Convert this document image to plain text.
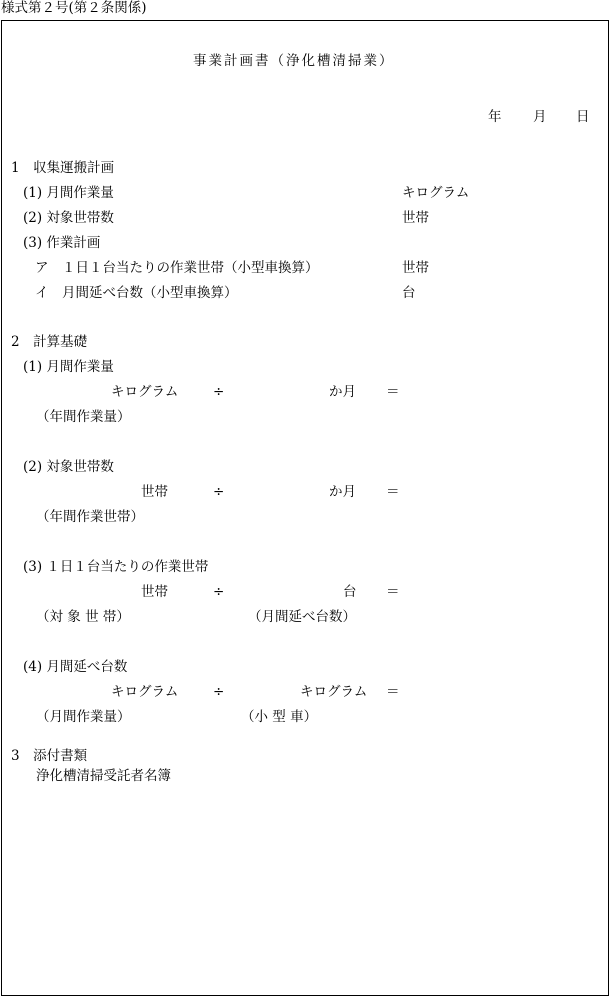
様式第２号(第２条関係)
事業計画書（浄化槽清掃業）
年 月 日
1　収集運搬計画
(1) 月間作業量	キログラム
(2) 対象世帯数	世帯
(3) 作業計画
ア　１日１台当たりの作業世帯（小型車換算）	世帯
イ　月間延べ台数（小型車換算）	台
2　計算基礎
(1) 月間作業量
キログラム	÷	か月 ＝
（年間作業量）
(2) 対象世帯数
世帯	÷	か月 ＝
（年間作業世帯）
(3) １日１台当たりの作業世帯
世帯	÷	台 ＝
（対 象 世 帯）	（月間延べ台数）
(4) 月間延べ台数
キログラム	÷	キログラム ＝
（月間作業量）	（小 型 車）
3　添付書類
浄化槽清掃受託者名簿
